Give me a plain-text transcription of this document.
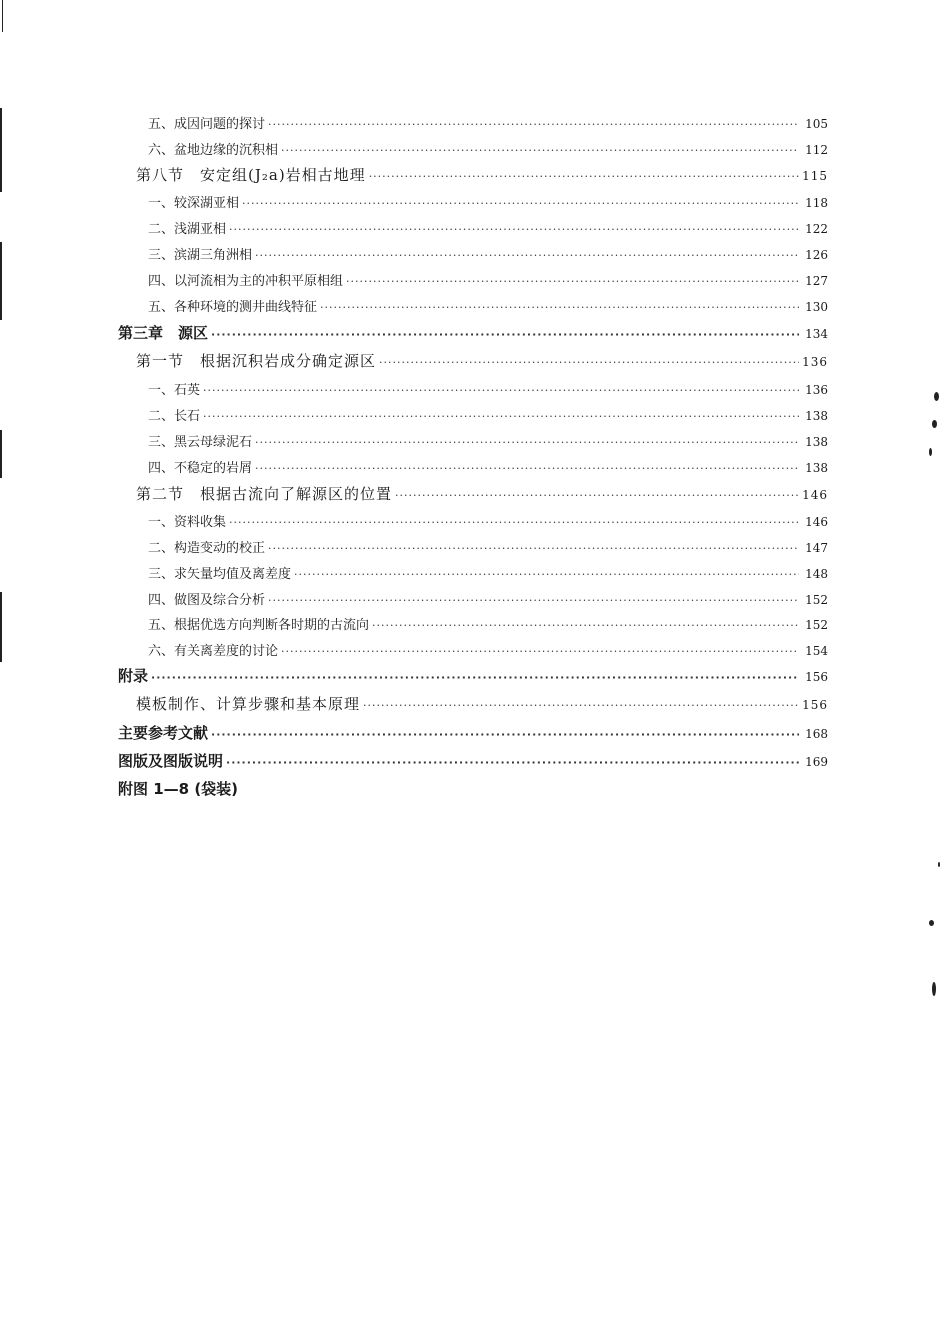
五、成因问题的探讨 ·····	105
六、盆地边缘的沉积相 ·····	112
第八节　安定组(J₂a)岩相古地理 ·····	115
一、较深湖亚相 ·····	118
二、浅湖亚相 ·····	122
三、滨湖三角洲相 ·····	126
四、以河流相为主的冲积平原相组 ·····	127
五、各种环境的测井曲线特征 ·····	130
第三章　源区 ·····	134
第一节　根据沉积岩成分确定源区 ·····	136
一、石英 ·····	136
二、长石 ·····	138
三、黑云母绿泥石 ·····	138
四、不稳定的岩屑 ·····	138
第二节　根据古流向了解源区的位置 ·····	146
一、资料收集 ·····	146
二、构造变动的校正 ·····	147
三、求矢量均值及离差度 ·····	148
四、做图及综合分析 ·····	152
五、根据优选方向判断各时期的古流向 ·····	152
六、有关离差度的讨论 ·····	154
附录 ·····	156
模板制作、计算步骤和基本原理 ·····	156
主要参考文献 ·····	168
图版及图版说明 ·····	169
附图 1—8 (袋装)
